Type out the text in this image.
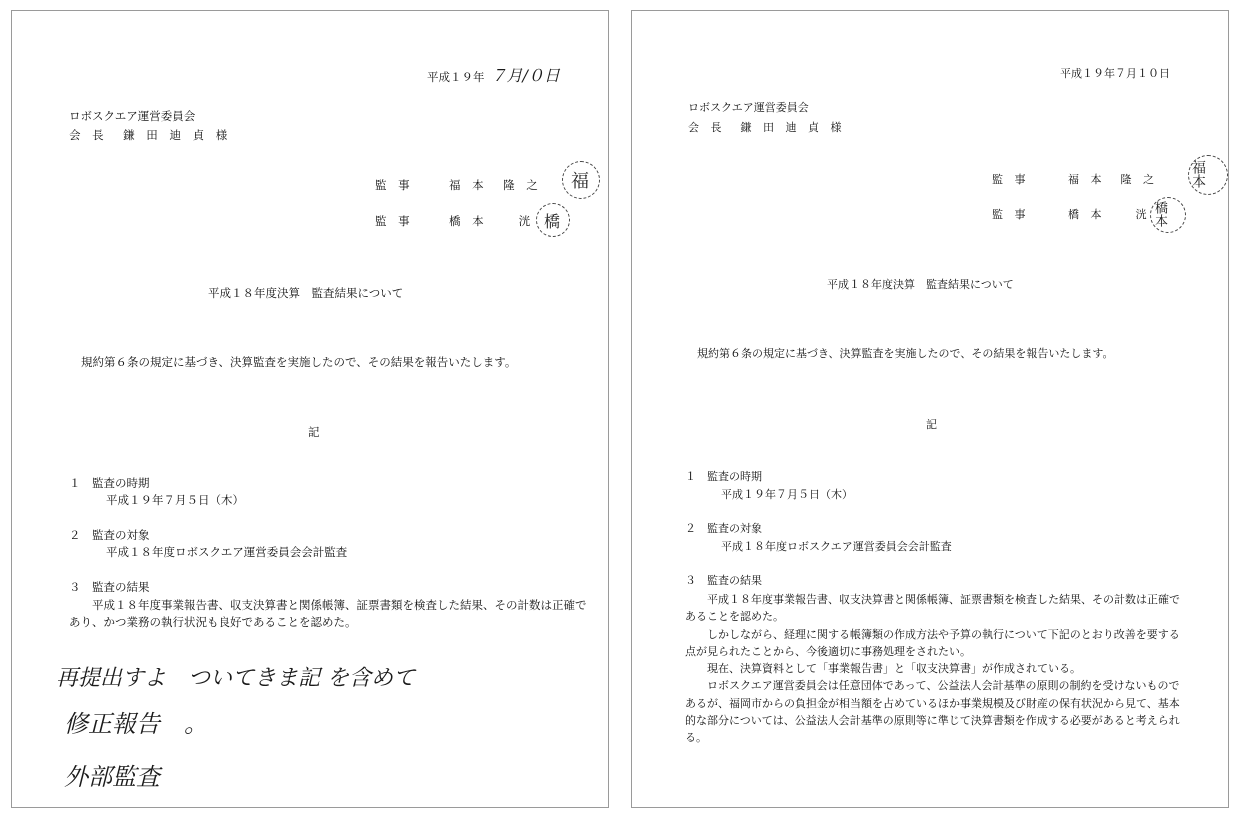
平成１９年 ７月/０日
ロボスクエア運営委員会
会 長　鎌 田 迪 貞 様
監 事	福 本　隆 之 福
監 事	橋 本　　洸 橋
平成１８年度決算　監査結果について
規約第６条の規定に基づき、決算監査を実施したので、その結果を報告いたします。
記
１　 監査の時期
平成１９年７月５日（木）
２　 監査の対象
平成１８年度ロボスクエア運営委員会会計監査
３　 監査の結果
平成１８年度事業報告書、収支決算書と関係帳簿、証票書類を検査した結果、その計数は正確であり、かつ業務の執行状況も良好であることを認めた。
再提出すよ　ついてきま記 を含めて
修正報告　。
外部監査
平成１９年７月１０日
ロボスクエア運営委員会
会 長　鎌 田 迪 貞 様
監 事	福 本　隆 之 福本
監 事	橋 本　　洸 橋本
平成１８年度決算　監査結果について
規約第６条の規定に基づき、決算監査を実施したので、その結果を報告いたします。
記
１　 監査の時期
平成１９年７月５日（木）
２　 監査の対象
平成１８年度ロボスクエア運営委員会会計監査
３　 監査の結果

平成１８年度事業報告書、収支決算書と関係帳簿、証票書類を検査した結果、その計数は正確であることを認めた。

しかしながら、経理に関する帳簿類の作成方法や予算の執行について下記のとおり改善を要する点が見られたことから、今後適切に事務処理をされたい。

現在、決算資料として「事業報告書」と「収支決算書」が作成されている。

ロボスクエア運営委員会は任意団体であって、公益法人会計基準の原則の制約を受けないものであるが、福岡市からの負担金が相当額を占めているほか事業規模及び財産の保有状況から見て、基本的な部分については、公益法人会計基準の原則等に準じて決算書類を作成する必要があると考えられる。
